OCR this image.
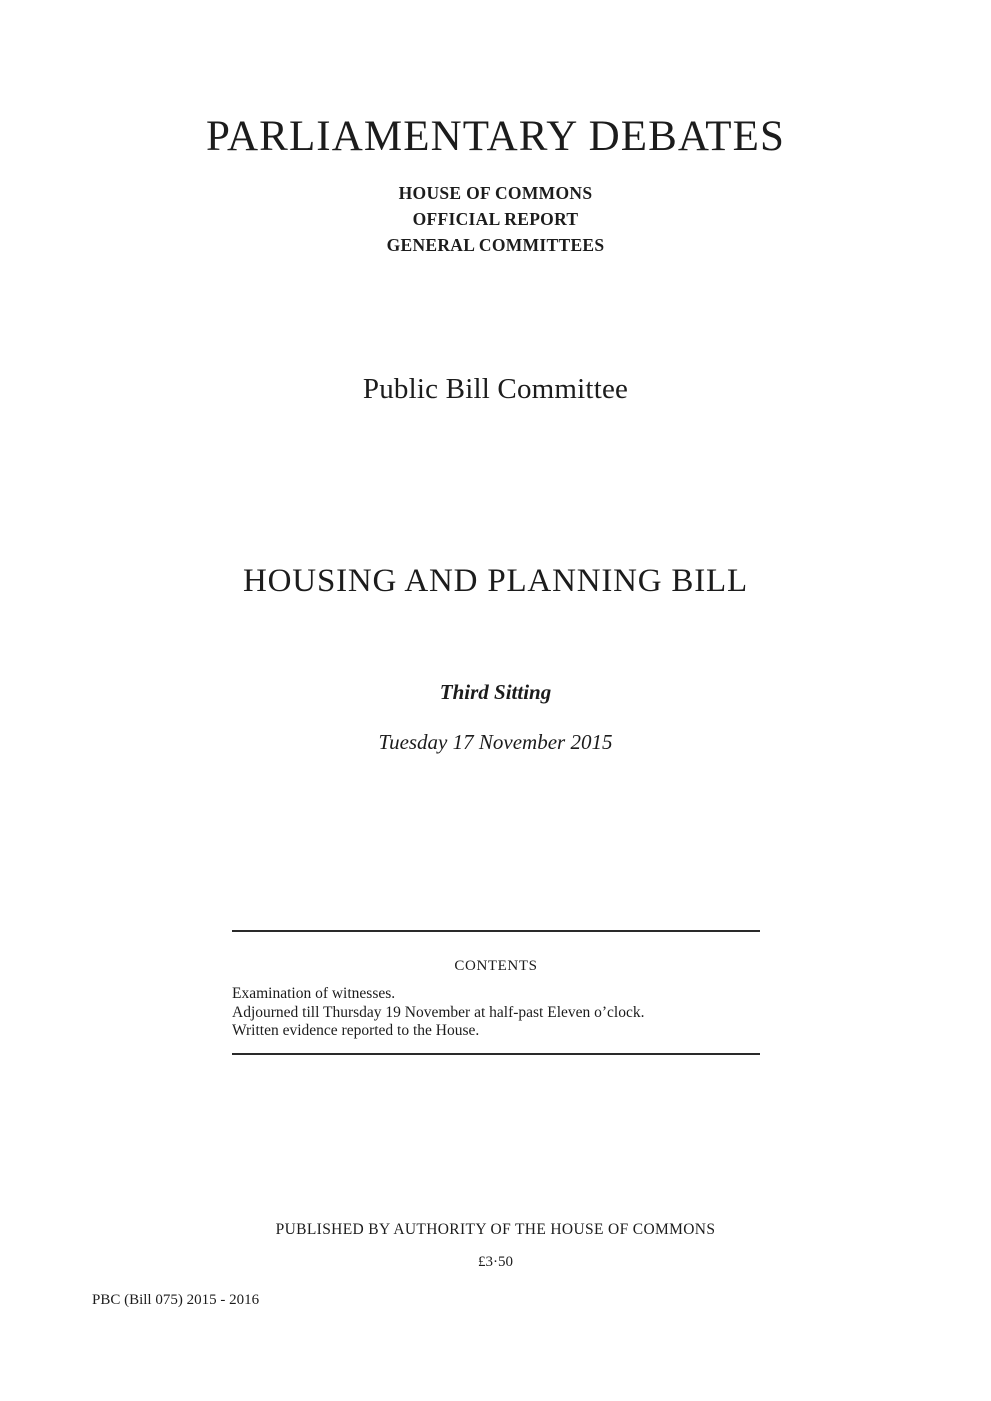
PARLIAMENTARY DEBATES
HOUSE OF COMMONS
OFFICIAL REPORT
GENERAL COMMITTEES
Public Bill Committee
HOUSING AND PLANNING BILL
Third Sitting
Tuesday 17 November 2015
CONTENTS
Examination of witnesses.
Adjourned till Thursday 19 November at half-past Eleven o’clock.
Written evidence reported to the House.
PUBLISHED BY AUTHORITY OF THE HOUSE OF COMMONS
£3·50
PBC (Bill 075) 2015 - 2016
